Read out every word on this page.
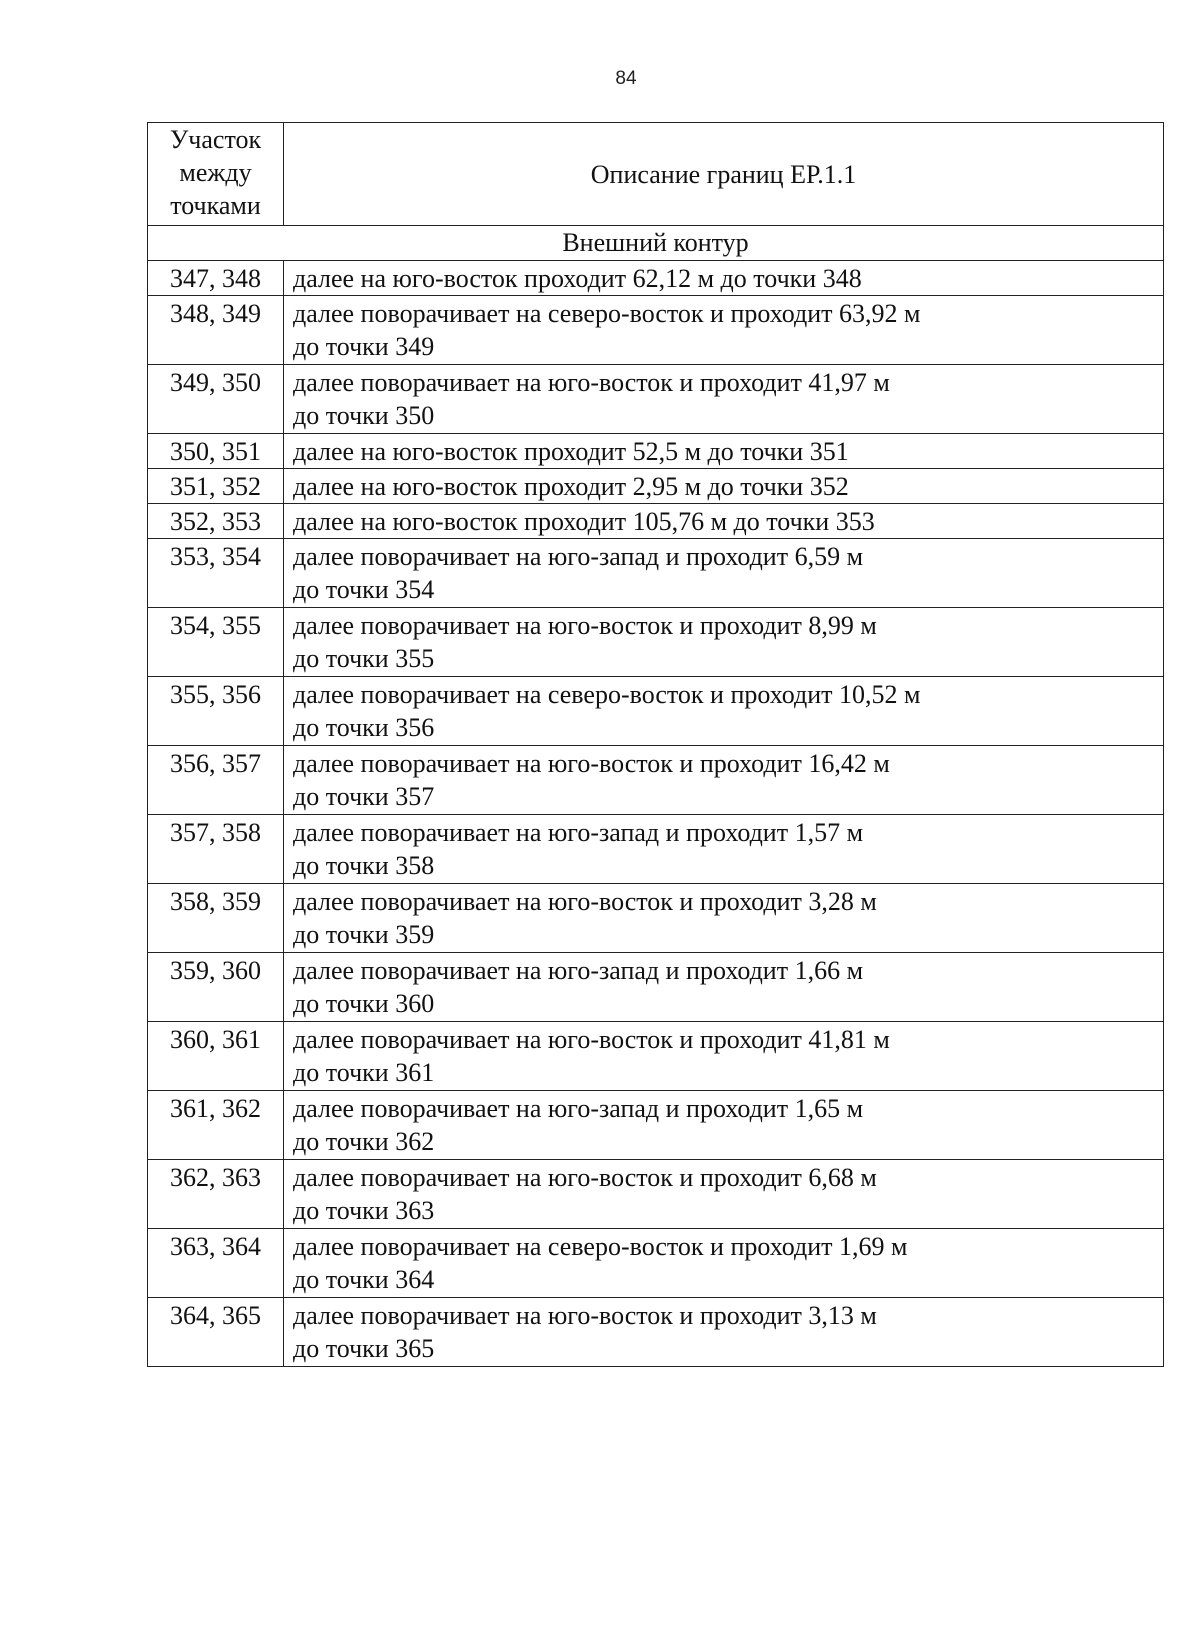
84
Участок
между
точками	Описание границ ЕР.1.1
Внешний контур	
347, 348	далее на юго-восток проходит 62,12 м до точки 348

348, 349	далее поворачивает на северо-восток и проходит 63,92 м
до точки 349

349, 350	далее поворачивает на юго-восток и проходит 41,97 м
до точки 350

350, 351	далее на юго-восток проходит 52,5 м до точки 351

351, 352	далее на юго-восток проходит 2,95 м до точки 352

352, 353	далее на юго-восток проходит 105,76 м до точки 353

353, 354	далее поворачивает на юго-запад и проходит 6,59 м
до точки 354

354, 355	далее поворачивает на юго-восток и проходит 8,99 м
до точки 355

355, 356	далее поворачивает на северо-восток и проходит 10,52 м
до точки 356

356, 357	далее поворачивает на юго-восток и проходит 16,42 м
до точки 357

357, 358	далее поворачивает на юго-запад и проходит 1,57 м
до точки 358

358, 359	далее поворачивает на юго-восток и проходит 3,28 м
до точки 359

359, 360	далее поворачивает на юго-запад и проходит 1,66 м
до точки 360

360, 361	далее поворачивает на юго-восток и проходит 41,81 м
до точки 361

361, 362	далее поворачивает на юго-запад и проходит 1,65 м
до точки 362

362, 363	далее поворачивает на юго-восток и проходит 6,68 м
до точки 363

363, 364	далее поворачивает на северо-восток и проходит 1,69 м
до точки 364

364, 365	далее поворачивает на юго-восток и проходит 3,13 м
до точки 365
